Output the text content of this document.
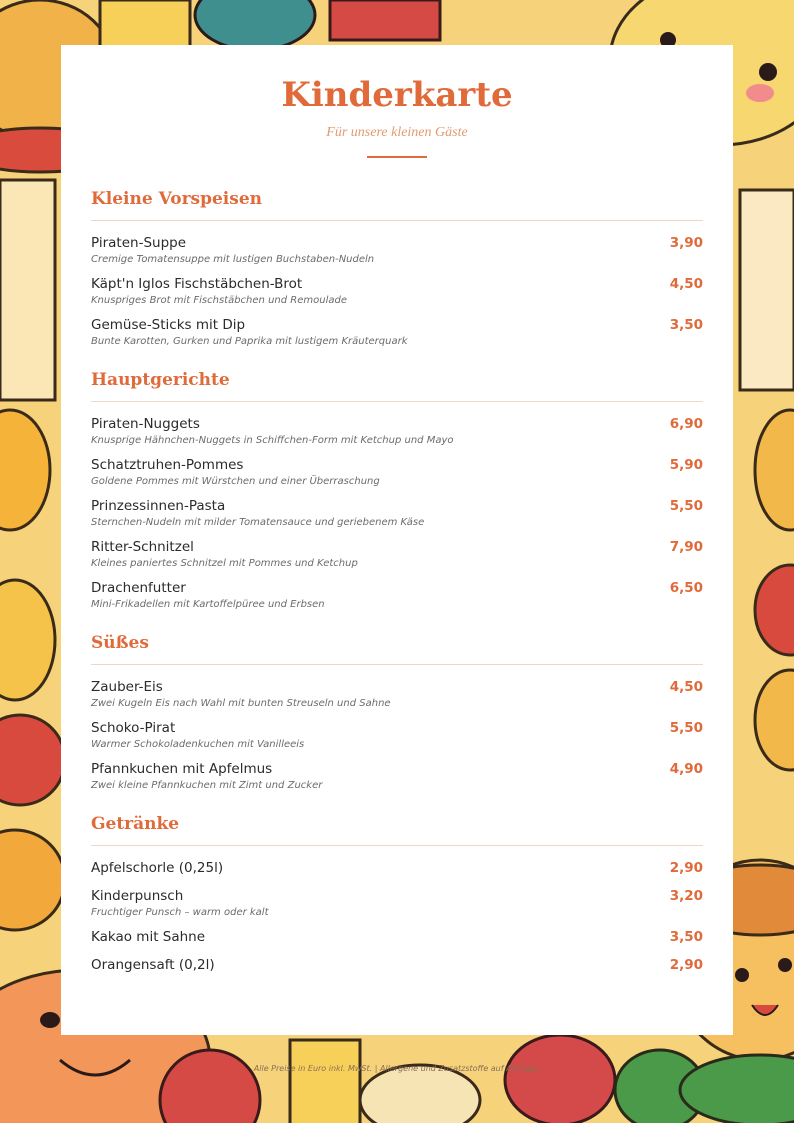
Kinderkarte
Für unsere kleinen Gäste
Kleine Vorspeisen
Piraten-Suppe	3,90
Cremige Tomatensuppe mit lustigen Buchstaben-Nudeln
Käpt'n Iglos Fischstäbchen-Brot	4,50
Knuspriges Brot mit Fischstäbchen und Remoulade
Gemüse-Sticks mit Dip	3,50
Bunte Karotten, Gurken und Paprika mit lustigem Kräuterquark
Hauptgerichte
Piraten-Nuggets	6,90
Knusprige Hähnchen-Nuggets in Schiffchen-Form mit Ketchup und Mayo
Schatztruhen-Pommes	5,90
Goldene Pommes mit Würstchen und einer Überraschung
Prinzessinnen-Pasta	5,50
Sternchen-Nudeln mit milder Tomatensauce und geriebenem Käse
Ritter-Schnitzel	7,90
Kleines paniertes Schnitzel mit Pommes und Ketchup
Drachenfutter	6,50
Mini-Frikadellen mit Kartoffelpüree und Erbsen
Süßes
Zauber-Eis	4,50
Zwei Kugeln Eis nach Wahl mit bunten Streuseln und Sahne
Schoko-Pirat	5,50
Warmer Schokoladenkuchen mit Vanilleeis
Pfannkuchen mit Apfelmus	4,90
Zwei kleine Pfannkuchen mit Zimt und Zucker
Getränke
Apfelschorle (0,25l)	2,90
Kinderpunsch	3,20
Fruchtiger Punsch – warm oder kalt
Kakao mit Sahne	3,50
Orangensaft (0,2l)	2,90
Alle Preise in Euro inkl. MwSt. | Allergene und Zusatzstoffe auf Anfrage.
